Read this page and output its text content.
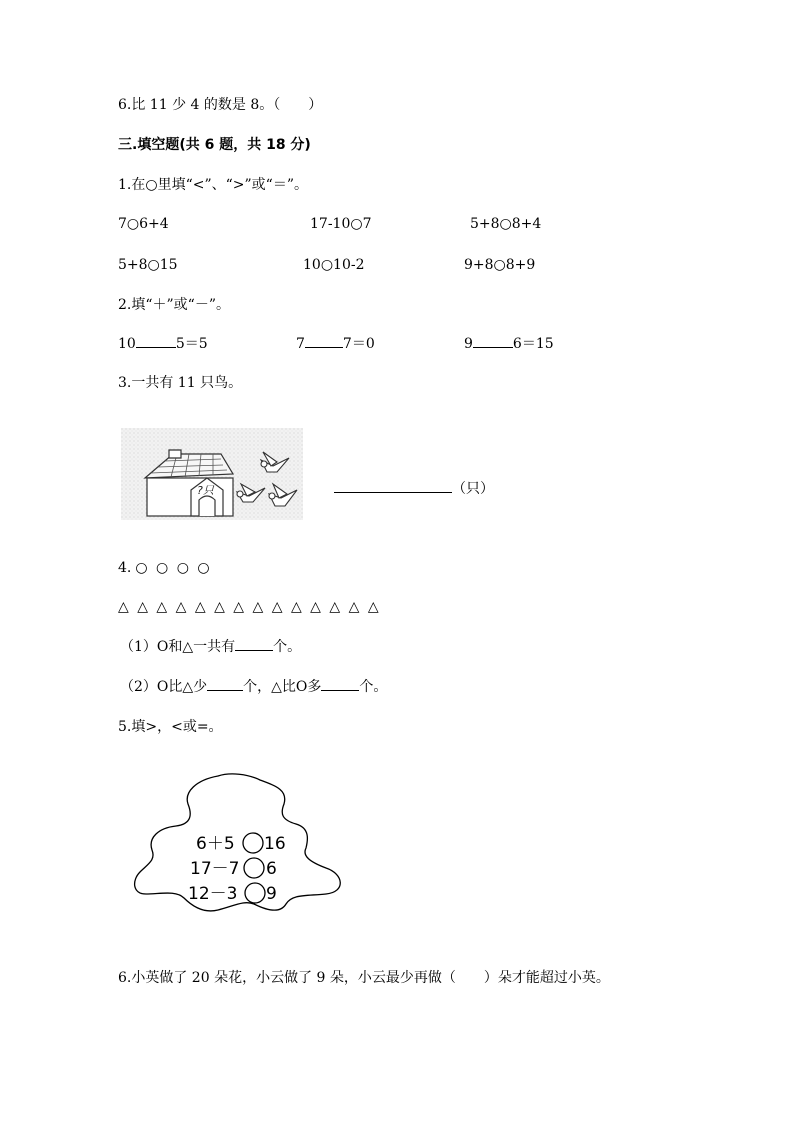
6.比 11 少 4 的数是 8。（　　）
三.填空题(共 6 题，共 18 分)
1.在○里填“<”、“>”或“＝”。
7○6+4	17-10○7	5+8○8+4
5+8○15	10○10-2	9+8○8+9
2.填“＋”或“－”。
10	5＝5	7	7＝0	9	6＝15
3.一共有 11 只鸟。
?只	（只）
4. ○ ○ ○ ○
△ △ △ △ △ △ △ △ △ △ △ △ △ △
（1）O和△一共有	个。
（2）O比△少	个，△比O多	个。
5.填>，<或=。
6＋5 16
17－7 6
12－3 9
6.小英做了 20 朵花，小云做了 9 朵，小云最少再做（　　）朵才能超过小英。
